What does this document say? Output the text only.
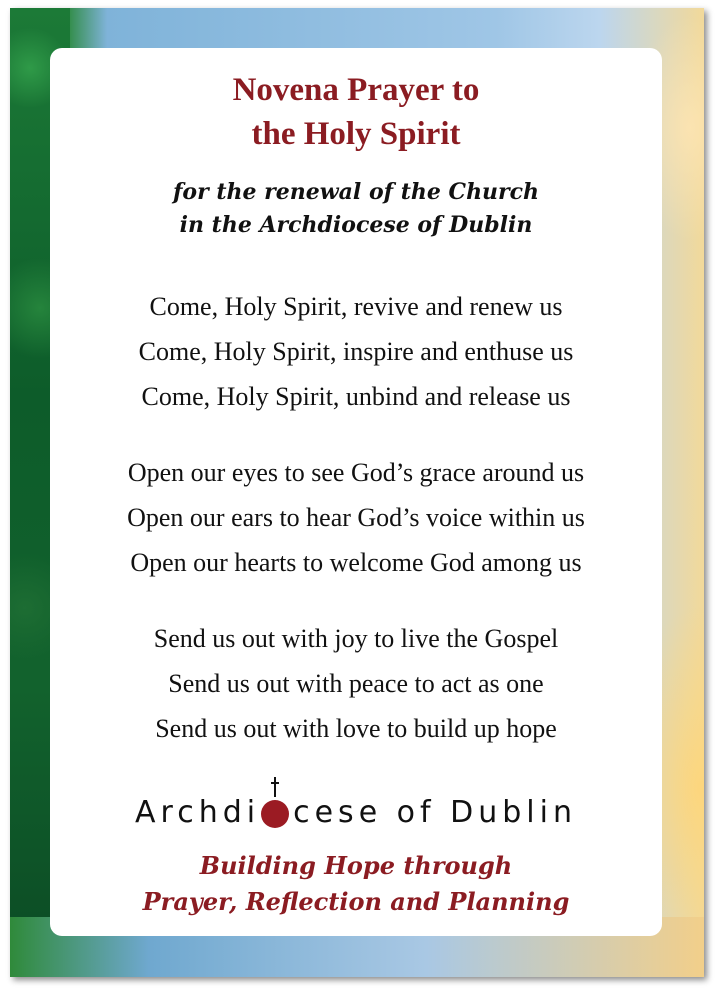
Novena Prayer to
the Holy Spirit
for the renewal of the Church
in the Archdiocese of Dublin

Come, Holy Spirit, revive and renew us
Come, Holy Spirit, inspire and enthuse us
Come, Holy Spirit, unbind and release us

Open our eyes to see God’s grace around us
Open our ears to hear God’s voice within us
Open our hearts to welcome God among us

Send us out with joy to live the Gospel
Send us out with peace to act as one
Send us out with love to build up hope

Archdi cese of Dublin

Building Hope through
Prayer, Reflection and Planning
